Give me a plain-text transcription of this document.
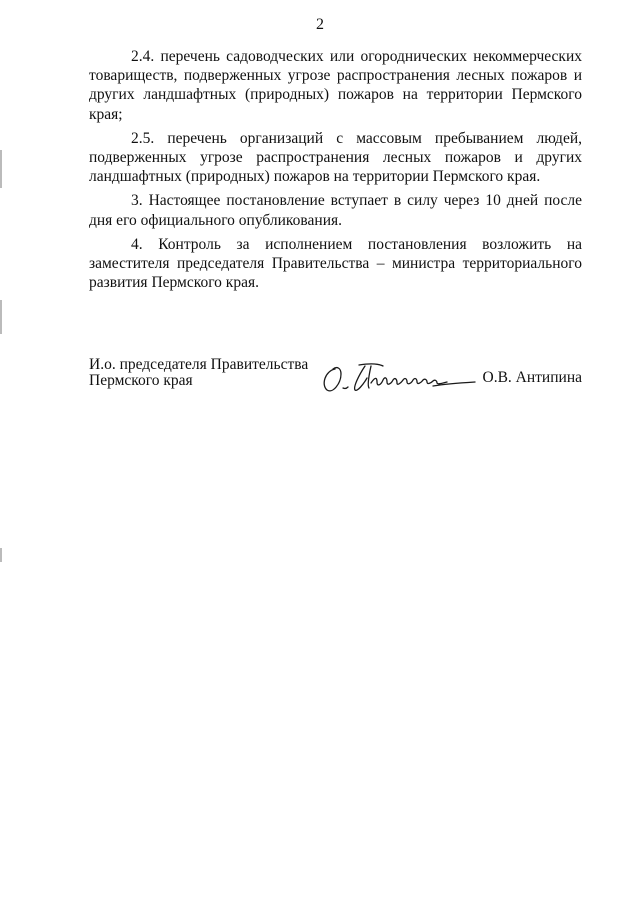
2

2.4. перечень садоводческих или огороднических некоммерческих товариществ, подверженных угрозе распространения лесных пожаров и других ландшафтных (природных) пожаров на территории Пермского края;

2.5. перечень организаций с массовым пребыванием людей, подверженных угрозе распространения лесных пожаров и других ландшафтных (природных) пожаров на территории Пермского края.

3. Настоящее постановление вступает в силу через 10 дней после дня его официального опубликования.

4. Контроль за исполнением постановления возложить на заместителя председателя Правительства – министра территориального развития Пермского края.

И.о. председателя Правительства
Пермского края	О.В. Антипина
